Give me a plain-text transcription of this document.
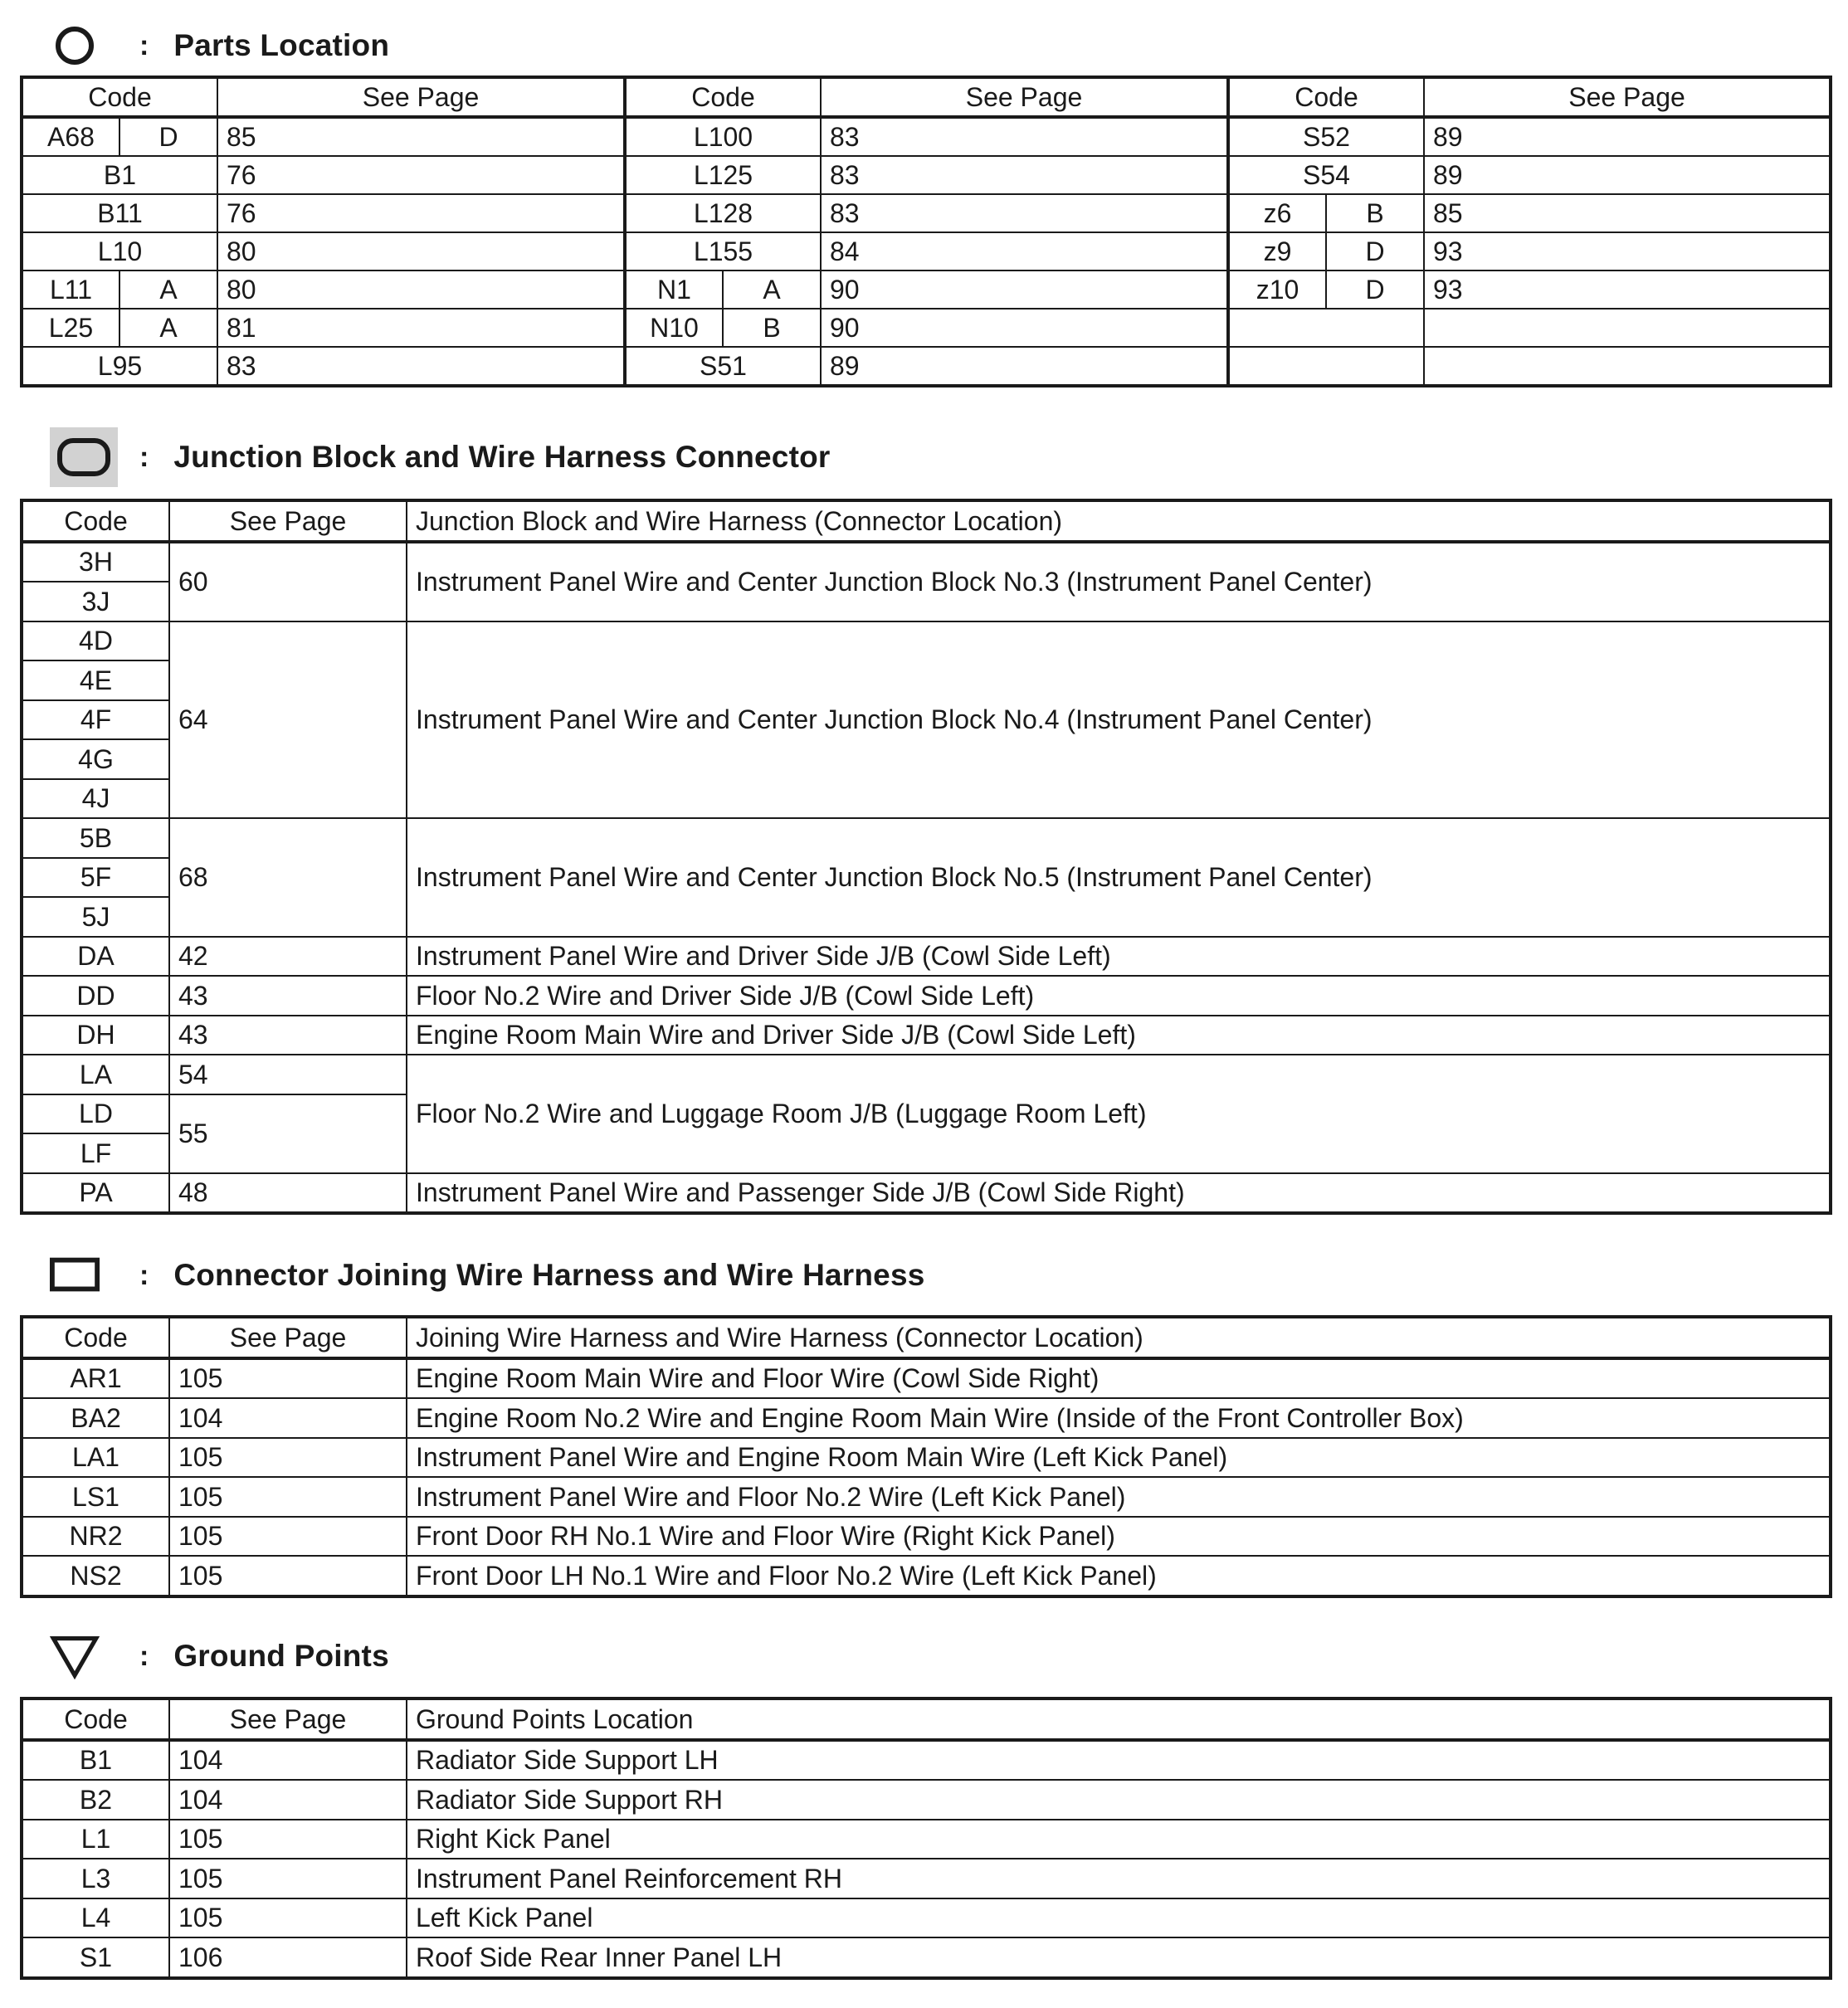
: Parts Location
Code		See Page	Code		See Page	Code		See Page
A68	D	85	L100		83	S52		89
B1		76	L125		83	S54		89
B11		76	L128		83	z6	B	85
L10		80	L155		84	z9	D	93
L11	A	80	N1	A	90	z10	D	93
L25	A	81	N10	B	90			
L95		83	S51		89			
: Junction Block and Wire Harness Connector
Code	See Page	Junction Block and Wire Harness (Connector Location)
3H	60	Instrument Panel Wire and Center Junction Block No.3 (Instrument Panel Center)
3J		
4D	64	Instrument Panel Wire and Center Junction Block No.4 (Instrument Panel Center)
4E		
4F		
4G		
4J		
5B	68	Instrument Panel Wire and Center Junction Block No.5 (Instrument Panel Center)
5F		
5J		
DA	42	Instrument Panel Wire and Driver Side J/B (Cowl Side Left)
DD	43	Floor No.2 Wire and Driver Side J/B (Cowl Side Left)
DH	43	Engine Room Main Wire and Driver Side J/B (Cowl Side Left)
LA	54	Floor No.2 Wire and Luggage Room J/B (Luggage Room Left)
LD	55	
LF		
PA	48	Instrument Panel Wire and Passenger Side J/B (Cowl Side Right)
: Connector Joining Wire Harness and Wire Harness
Code	See Page	Joining Wire Harness and Wire Harness (Connector Location)
AR1	105	Engine Room Main Wire and Floor Wire (Cowl Side Right)
BA2	104	Engine Room No.2 Wire and Engine Room Main Wire (Inside of the Front Controller Box)
LA1	105	Instrument Panel Wire and Engine Room Main Wire (Left Kick Panel)
LS1	105	Instrument Panel Wire and Floor No.2 Wire (Left Kick Panel)
NR2	105	Front Door RH No.1 Wire and Floor Wire (Right Kick Panel)
NS2	105	Front Door LH No.1 Wire and Floor No.2 Wire (Left Kick Panel)
: Ground Points
Code	See Page	Ground Points Location
B1	104	Radiator Side Support LH
B2	104	Radiator Side Support RH
L1	105	Right Kick Panel
L3	105	Instrument Panel Reinforcement RH
L4	105	Left Kick Panel
S1	106	Roof Side Rear Inner Panel LH
